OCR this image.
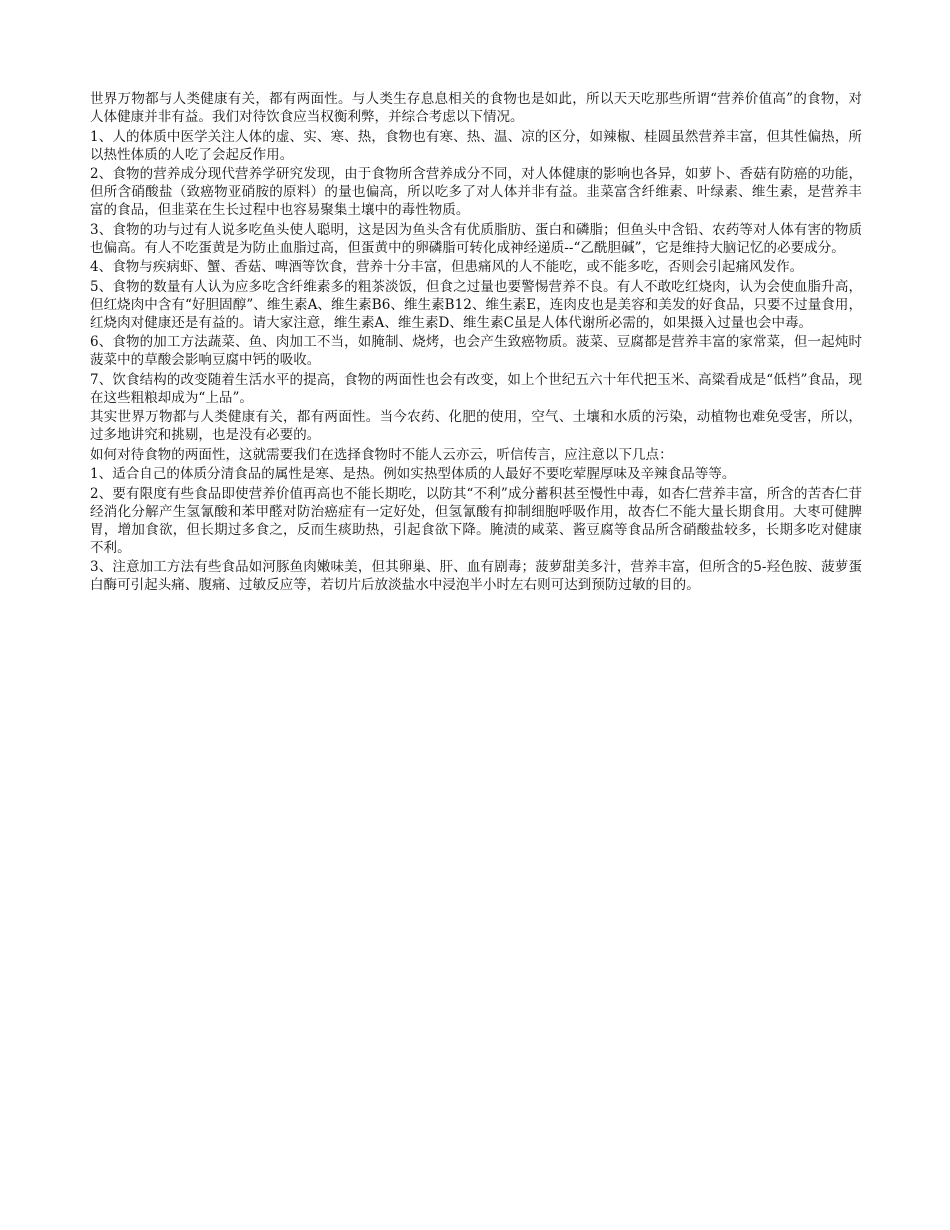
世界万物都与人类健康有关，都有两面性。与人类生存息息相关的食物也是如此，所以天天吃那些所谓“营养价值高”的食物，对人体健康并非有益。我们对待饮食应当权衡利弊，并综合考虑以下情况。

1、人的体质中医学关注人体的虚、实、寒、热，食物也有寒、热、温、凉的区分，如辣椒、桂圆虽然营养丰富，但其性偏热，所以热性体质的人吃了会起反作用。

2、食物的营养成分现代营养学研究发现，由于食物所含营养成分不同，对人体健康的影响也各异，如萝卜、香菇有防癌的功能，但所含硝酸盐（致癌物亚硝胺的原料）的量也偏高，所以吃多了对人体并非有益。韭菜富含纤维素、叶绿素、维生素，是营养丰富的食品，但韭菜在生长过程中也容易聚集土壤中的毒性物质。

3、食物的功与过有人说多吃鱼头使人聪明，这是因为鱼头含有优质脂肪、蛋白和磷脂；但鱼头中含铅、农药等对人体有害的物质也偏高。有人不吃蛋黄是为防止血脂过高，但蛋黄中的卵磷脂可转化成神经递质--“乙酰胆碱”，它是维持大脑记忆的必要成分。

4、食物与疾病虾、蟹、香菇、啤酒等饮食，营养十分丰富，但患痛风的人不能吃，或不能多吃，否则会引起痛风发作。

5、食物的数量有人认为应多吃含纤维素多的粗茶淡饭，但食之过量也要警惕营养不良。有人不敢吃红烧肉，认为会使血脂升高，但红烧肉中含有“好胆固醇”、维生素A、维生素B6、维生素B12、维生素E，连肉皮也是美容和美发的好食品，只要不过量食用，红烧肉对健康还是有益的。请大家注意，维生素A、维生素D、维生素C虽是人体代谢所必需的，如果摄入过量也会中毒。

6、食物的加工方法蔬菜、鱼、肉加工不当，如腌制、烧烤，也会产生致癌物质。菠菜、豆腐都是营养丰富的家常菜，但一起炖时菠菜中的草酸会影响豆腐中钙的吸收。

7、饮食结构的改变随着生活水平的提高，食物的两面性也会有改变，如上个世纪五六十年代把玉米、高粱看成是“低档”食品，现在这些粗粮却成为“上品”。

其实世界万物都与人类健康有关，都有两面性。当今农药、化肥的使用，空气、土壤和水质的污染，动植物也难免受害，所以，过多地讲究和挑剔，也是没有必要的。

如何对待食物的两面性，这就需要我们在选择食物时不能人云亦云，听信传言，应注意以下几点：

1、适合自己的体质分清食品的属性是寒、是热。例如实热型体质的人最好不要吃荤腥厚味及辛辣食品等等。

2、要有限度有些食品即使营养价值再高也不能长期吃，以防其“不利”成分蓄积甚至慢性中毒，如杏仁营养丰富，所含的苦杏仁苷经消化分解产生氢氰酸和苯甲醛对防治癌症有一定好处，但氢氰酸有抑制细胞呼吸作用，故杏仁不能大量长期食用。大枣可健脾胃，增加食欲，但长期过多食之，反而生痰助热，引起食欲下降。腌渍的咸菜、酱豆腐等食品所含硝酸盐较多，长期多吃对健康不利。

3、注意加工方法有些食品如河豚鱼肉嫩味美，但其卵巢、肝、血有剧毒；菠萝甜美多汁，营养丰富，但所含的5-羟色胺、菠萝蛋白酶可引起头痛、腹痛、过敏反应等，若切片后放淡盐水中浸泡半小时左右则可达到预防过敏的目的。
